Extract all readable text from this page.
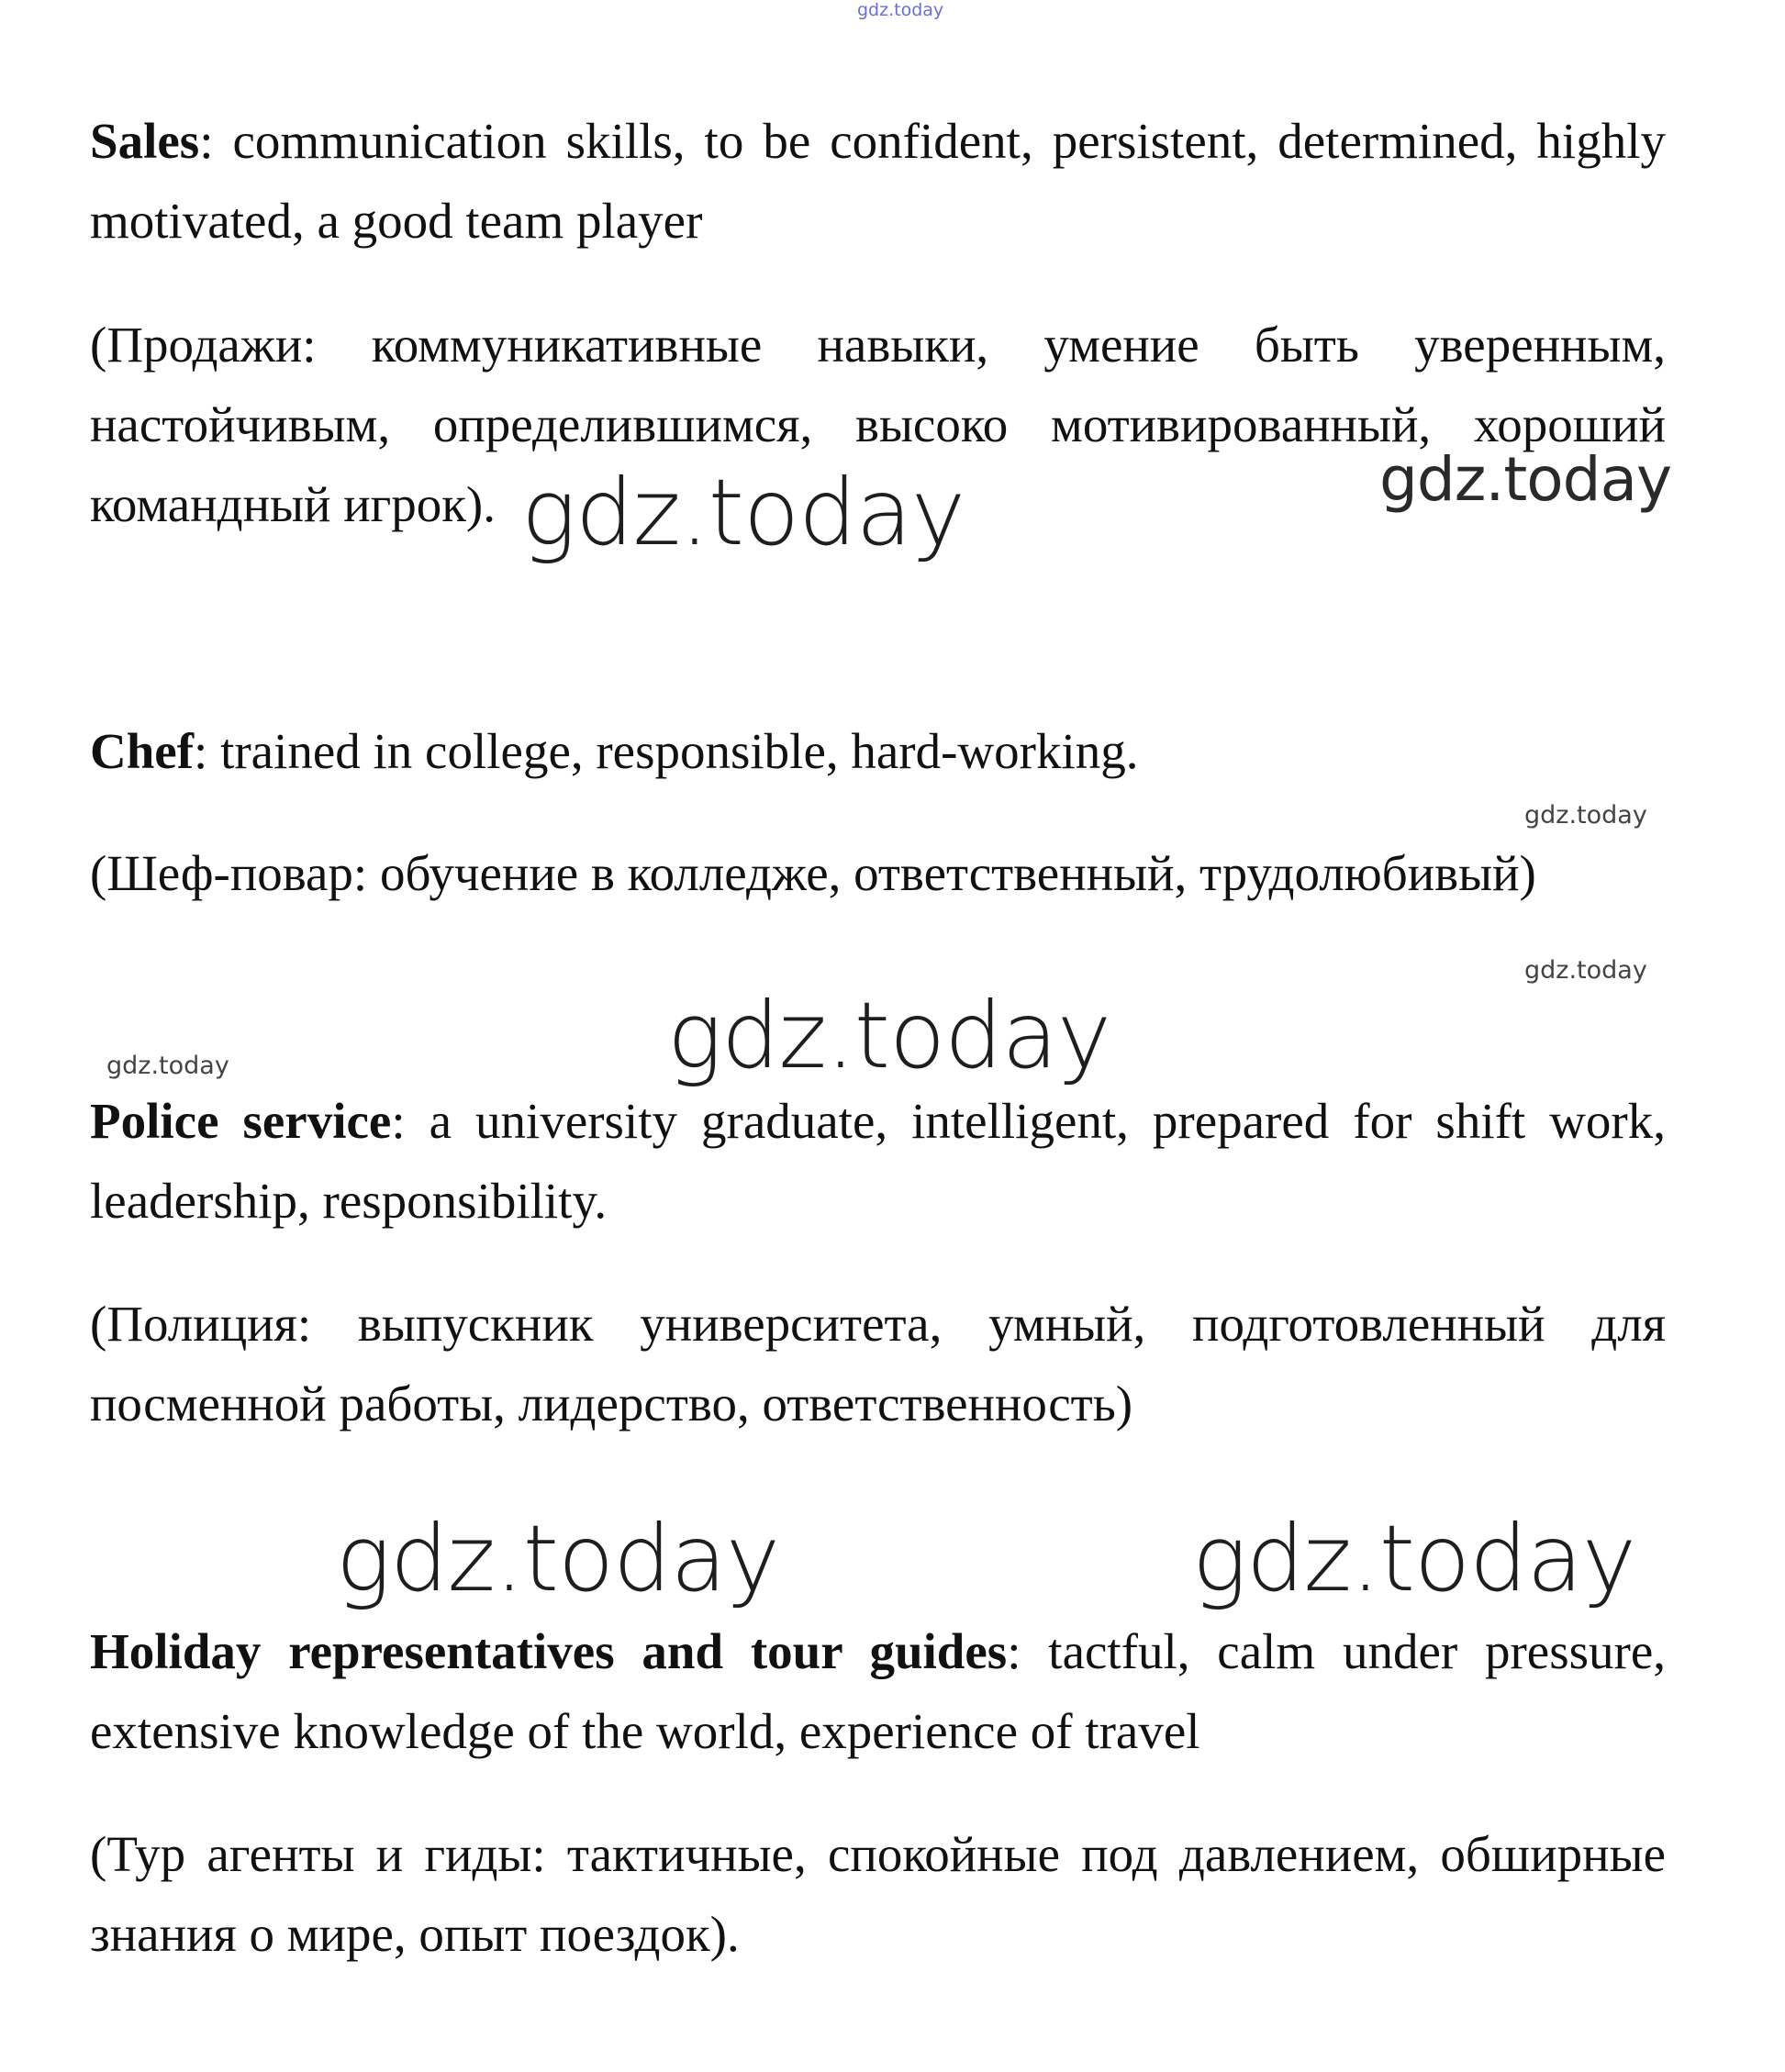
gdz.today
gdz.today
gdz.today
gdz.today
gdz.today
gdz.today
gdz.today
gdz.today	gdz.today

Sales: communication skills, to be confident, persistent, determined, highly motivated, a good team player

(Продажи: коммуникативные навыки, умение быть уверенным, настойчивым, определившимся, высоко мотивированный, хороший командный игрок).

Chef: trained in college, responsible, hard-working.

(Шеф-повар: обучение в колледже, ответственный, трудолюбивый)

Police service: a university graduate, intelligent, prepared for shift work, leadership, responsibility.

(Полиция: выпускник университета, умный, подготовленный для посменной работы, лидерство, ответственность)

Holiday representatives and tour guides: tactful, calm under pressure, extensive knowledge of the world, experience of travel

(Тур агенты и гиды: тактичные, спокойные под давлением, обширные знания о мире, опыт поездок).
